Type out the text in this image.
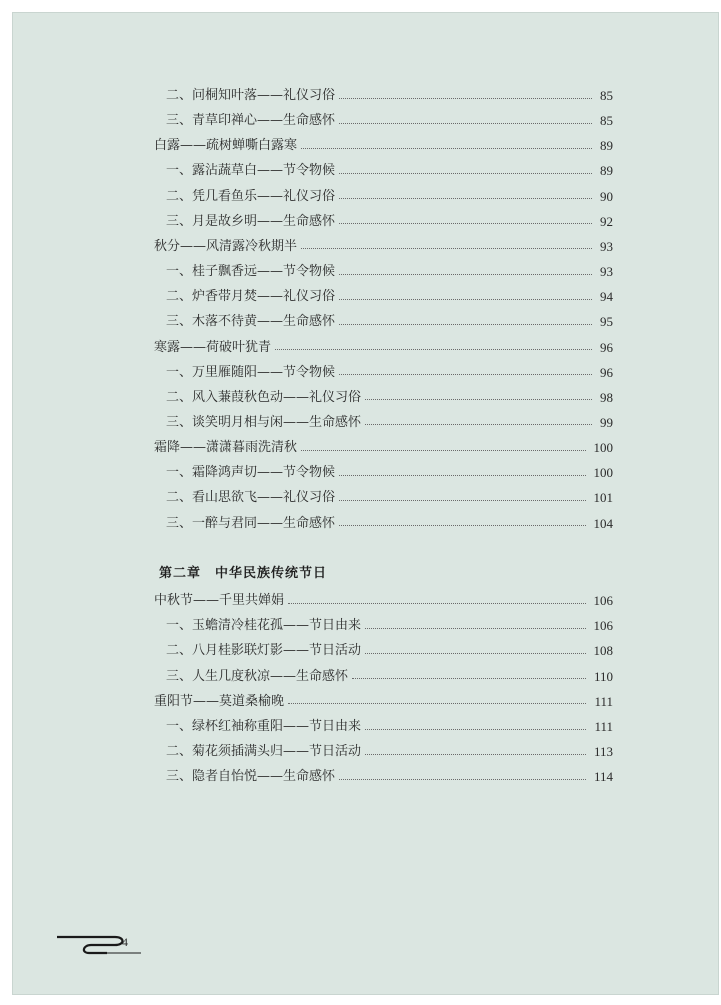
第二章　中华民族传统节日
二、问桐知叶落——礼仪习俗	85
三、青草印禅心——生命感怀	85
白露——疏树蝉嘶白露寒	89
一、露沾蔬草白——节令物候	89
二、凭几看鱼乐——礼仪习俗	90
三、月是故乡明——生命感怀	92
秋分——风清露冷秋期半	93
一、桂子飘香远——节令物候	93
二、炉香带月焚——礼仪习俗	94
三、木落不待黄——生命感怀	95
寒露——荷破叶犹青	96
一、万里雁随阳——节令物候	96
二、风入蒹葭秋色动——礼仪习俗	98
三、谈笑明月相与闲——生命感怀	99
霜降——潇潇暮雨洗清秋	100
一、霜降鸿声切——节令物候	100
二、看山思欲飞——礼仪习俗	101
三、一醉与君同——生命感怀	104
中秋节——千里共婵娟	106
一、玉蟾清冷桂花孤——节日由来	106
二、八月桂影联灯影——节日活动	108
三、人生几度秋凉——生命感怀	110
重阳节——莫道桑榆晚	111
一、绿杯红袖称重阳——节日由来	111
二、菊花须插满头归——节日活动	113
三、隐者自怡悦——生命感怀	114
4
